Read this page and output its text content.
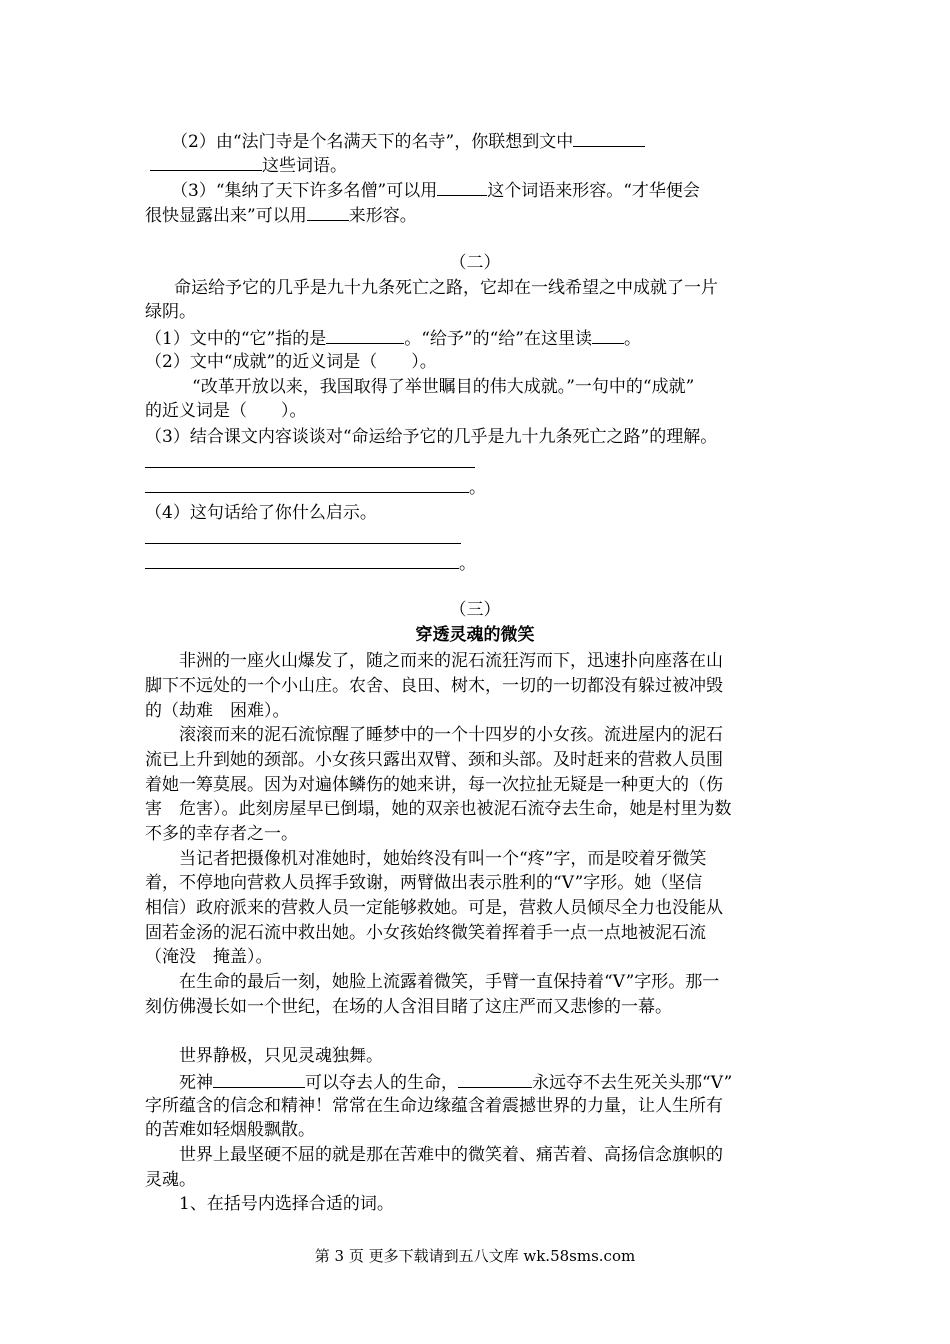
（2）由“法门寺是个名满天下的名寺”，你联想到文中
这些词语。
（3）“集纳了天下许多名僧”可以用	这个词语来形容。“才华便会
很快显露出来”可以用 来形容。
（二）
命运给予它的几乎是九十九条死亡之路，它却在一线希望之中成就了一片
绿阴。
（1）文中的“它”指的是	。“给予”的“给”在这里读 。
（2）文中“成就”的近义词是（　　）。
“改革开放以来，我国取得了举世瞩目的伟大成就。”一句中的“成就”
的近义词是（　　）。
（3）结合课文内容谈谈对“命运给予它的几乎是九十九条死亡之路”的理解。
。
（4）这句话给了你什么启示。
。
（三）
穿透灵魂的微笑
　　非洲的一座火山爆发了，随之而来的泥石流狂泻而下，迅速扑向座落在山
脚下不远处的一个小山庄。农舍、良田、树木，一切的一切都没有躲过被冲毁
的（劫难　困难）。
　　滚滚而来的泥石流惊醒了睡梦中的一个十四岁的小女孩。流进屋内的泥石
流已上升到她的颈部。小女孩只露出双臂、颈和头部。及时赶来的营救人员围
着她一筹莫展。因为对遍体鳞伤的她来讲，每一次拉扯无疑是一种更大的（伤
害　危害）。此刻房屋早已倒塌，她的双亲也被泥石流夺去生命，她是村里为数
不多的幸存者之一。
　　当记者把摄像机对准她时，她始终没有叫一个“疼”字，而是咬着牙微笑
着，不停地向营救人员挥手致谢，两臂做出表示胜利的“V”字形。她（坚信
相信）政府派来的营救人员一定能够救她。可是，营救人员倾尽全力也没能从
固若金汤的泥石流中救出她。小女孩始终微笑着挥着手一点一点地被泥石流
（淹没　掩盖）。
　　在生命的最后一刻，她脸上流露着微笑，手臂一直保持着“V”字形。那一
刻仿佛漫长如一个世纪，在场的人含泪目睹了这庄严而又悲惨的一幕。
　　世界静极，只见灵魂独舞。
　　死神	可以夺去人的生命，	永远夺不去生死关头那“V”
字所蕴含的信念和精神！常常在生命边缘蕴含着震撼世界的力量，让人生所有
的苦难如轻烟般飘散。
　　世界上最坚硬不屈的就是那在苦难中的微笑着、痛苦着、高扬信念旗帜的
灵魂。
　　1、在括号内选择合适的词。
第 3 页 更多下载请到五八文库 wk.58sms.com
